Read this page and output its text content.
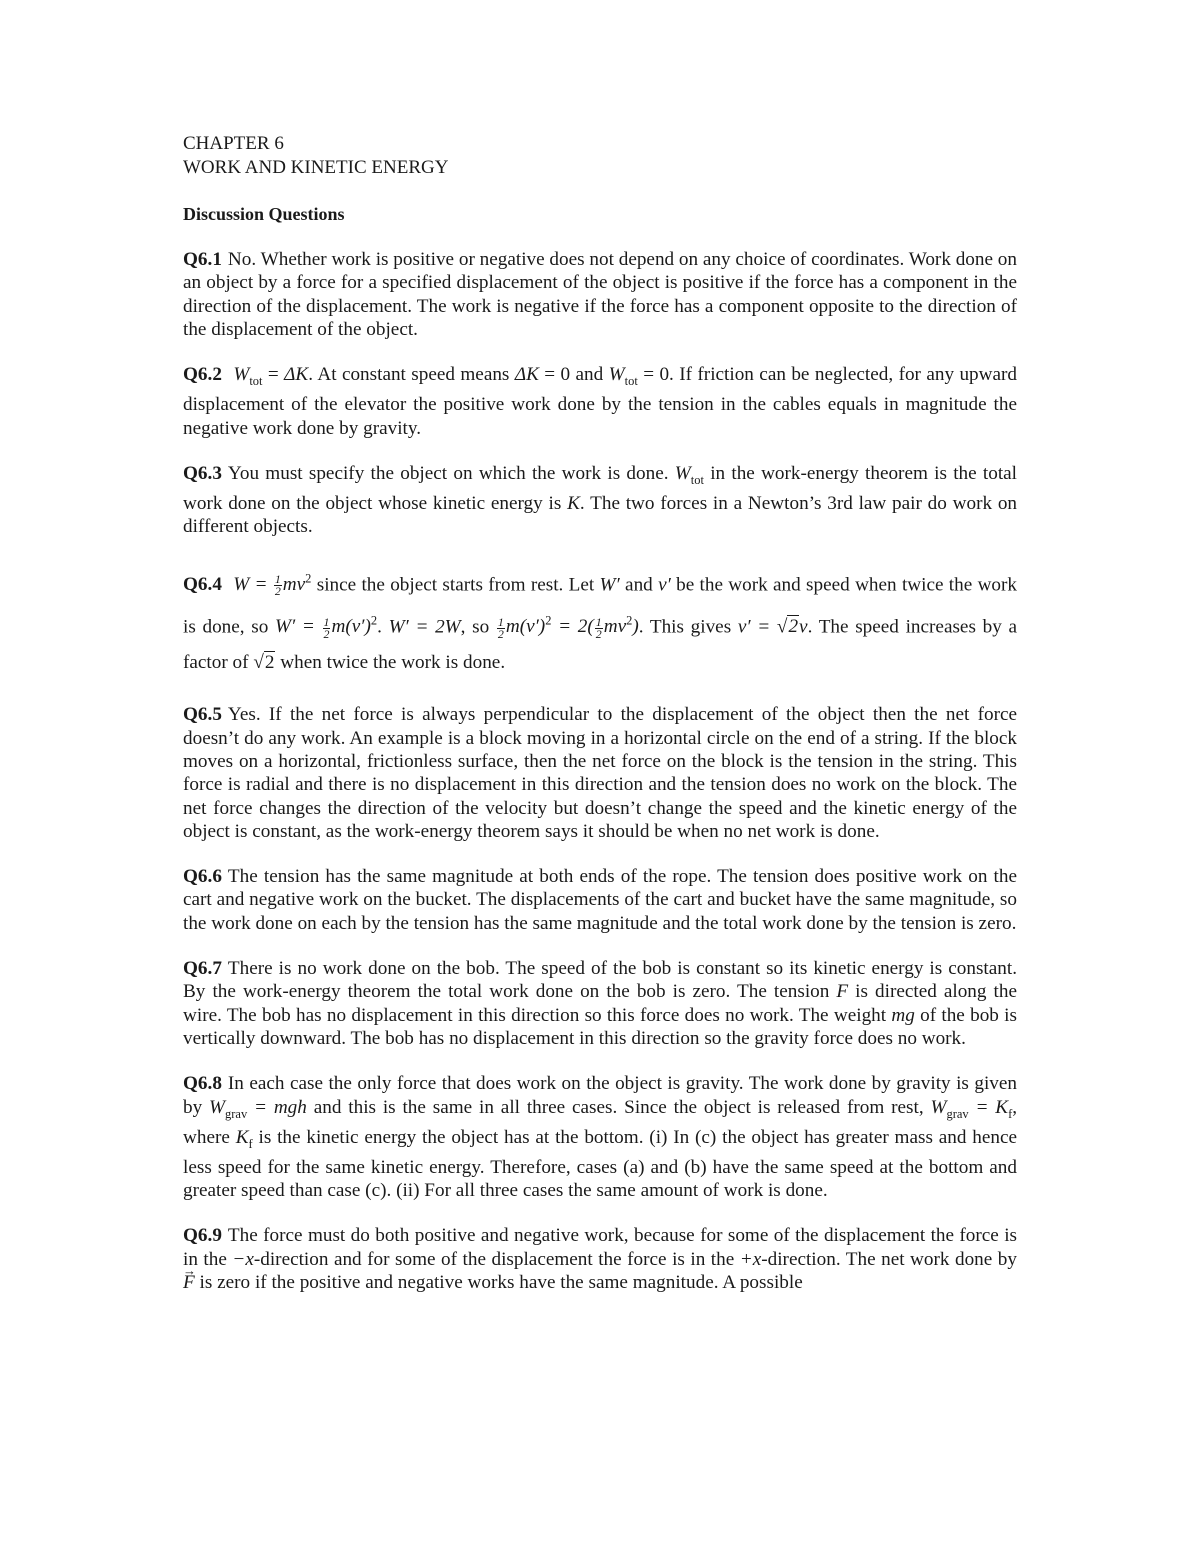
CHAPTER 6

WORK AND KINETIC ENERGY

Discussion Questions

Q6.1 No. Whether work is positive or negative does not depend on any choice of coordinates. Work done on an object by a force for a specified displacement of the object is positive if the force has a component in the direction of the displacement. The work is negative if the force has a component opposite to the direction of the displacement of the object.

Q6.2 $W_{tot} = \Delta K$. At constant speed means ΔK = 0 and $W_{tot} = 0$. If friction can be neglected, for any upward displacement of the elevator the positive work done by the tension in the cables equals in magnitude the negative work done by gravity.

Q6.3 You must specify the object on which the work is done. $W_{tot}$ in the work-energy theorem is the total work done on the object whose kinetic energy is K. The two forces in a Newton’s 3rd law pair do work on different objects.

Q6.4 $W = \frac{1}{2} mv^2$ since the object starts from rest. Let W′ and v′ be the work and speed when twice the work is done, so $W' = \frac{1}{2} m(v')^2$. W′ = 2W, so $\frac{1}{2} m(v')^2 = 2( \frac{1}{2} mv^2)$. This gives v′ = √2v. The speed increases by a factor of √2 when twice the work is done.

Q6.5 Yes. If the net force is always perpendicular to the displacement of the object then the net force doesn’t do any work. An example is a block moving in a horizontal circle on the end of a string. If the block moves on a horizontal, frictionless surface, then the net force on the block is the tension in the string. This force is radial and there is no displacement in this direction and the tension does no work on the block. The net force changes the direction of the velocity but doesn’t change the speed and the kinetic energy of the object is constant, as the work-energy theorem says it should be when no net work is done.

Q6.6 The tension has the same magnitude at both ends of the rope. The tension does positive work on the cart and negative work on the bucket. The displacements of the cart and bucket have the same magnitude, so the work done on each by the tension has the same magnitude and the total work done by the tension is zero.

Q6.7 There is no work done on the bob. The speed of the bob is constant so its kinetic energy is constant. By the work-energy theorem the total work done on the bob is zero. The tension F is directed along the wire. The bob has no displacement in this direction so this force does no work. The weight mg of the bob is vertically downward. The bob has no displacement in this direction so the gravity force does no work.

Q6.8 In each case the only force that does work on the object is gravity. The work done by gravity is given by $W_{grav}$ = mgh and this is the same in all three cases. Since the object is released from rest, $W_{grav} = K_f$, where $K_f$ is the kinetic energy the object has at the bottom. (i) In (c) the object has greater mass and hence less speed for the same kinetic energy. Therefore, cases (a) and (b) have the same speed at the bottom and greater speed than case (c). (ii) For all three cases the same amount of work is done.

Q6.9 The force must do both positive and negative work, because for some of the displacement the force is in the −x-direction and for some of the displacement the force is in the +x-direction. The net work done by → F is zero if the positive and negative works have the same magnitude. A possible
